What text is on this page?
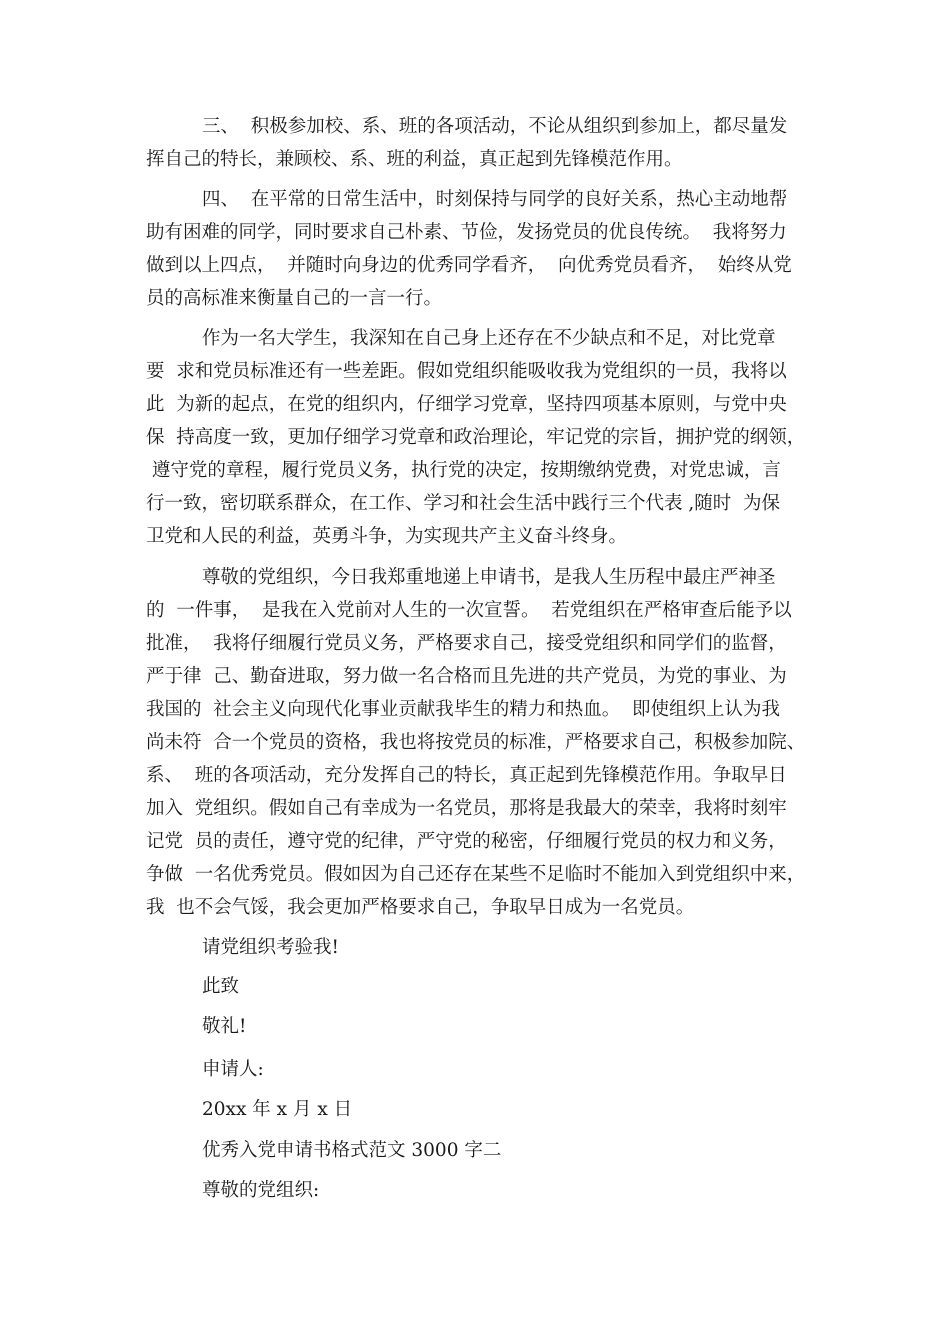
三、  积极参加校、系、班的各项活动，不论从组织到参加上，都尽量发
挥自己的特长，兼顾校、系、班的利益，真正起到先锋模范作用。
四、  在平常的日常生活中，时刻保持与同学的良好关系，热心主动地帮
助有困难的同学，同时要求自己朴素、节俭，发扬党员的优良传统。  我将努力
做到以上四点，  并随时向身边的优秀同学看齐，  向优秀党员看齐，  始终从党
员的高标准来衡量自己的一言一行。
作为一名大学生，我深知在自己身上还存在不少缺点和不足，对比党章
要  求和党员标准还有一些差距。假如党组织能吸收我为党组织的一员，我将以
此  为新的起点，在党的组织内，仔细学习党章，坚持四项基本原则，与党中央
保  持高度一致，更加仔细学习党章和政治理论，牢记党的宗旨，拥护党的纲领，
遵守党的章程，履行党员义务，执行党的决定，按期缴纳党费，对党忠诚，言
行一致，密切联系群众，在工作、学习和社会生活中践行三个代表 ,随时  为保
卫党和人民的利益，英勇斗争，为实现共产主义奋斗终身。
尊敬的党组织，今日我郑重地递上申请书，是我人生历程中最庄严神圣
的  一件事，  是我在入党前对人生的一次宣誓。  若党组织在严格审查后能予以
批准，  我将仔细履行党员义务，严格要求自己，接受党组织和同学们的监督，
严于律  己、勤奋进取，努力做一名合格而且先进的共产党员，为党的事业、为
我国的  社会主义向现代化事业贡献我毕生的精力和热血。  即使组织上认为我
尚未符  合一个党员的资格，我也将按党员的标准，严格要求自己，积极参加院、
系、  班的各项活动，充分发挥自己的特长，真正起到先锋模范作用。争取早日
加入  党组织。假如自己有幸成为一名党员，那将是我最大的荣幸，我将时刻牢
记党  员的责任，遵守党的纪律，严守党的秘密，仔细履行党员的权力和义务，
争做  一名优秀党员。假如因为自己还存在某些不足临时不能加入到党组织中来，
我  也不会气馁，我会更加严格要求自己，争取早日成为一名党员。
请党组织考验我!
此致
敬礼!
申请人:
20xx 年 x 月 x 日
优秀入党申请书格式范文 3000 字二
尊敬的党组织:
